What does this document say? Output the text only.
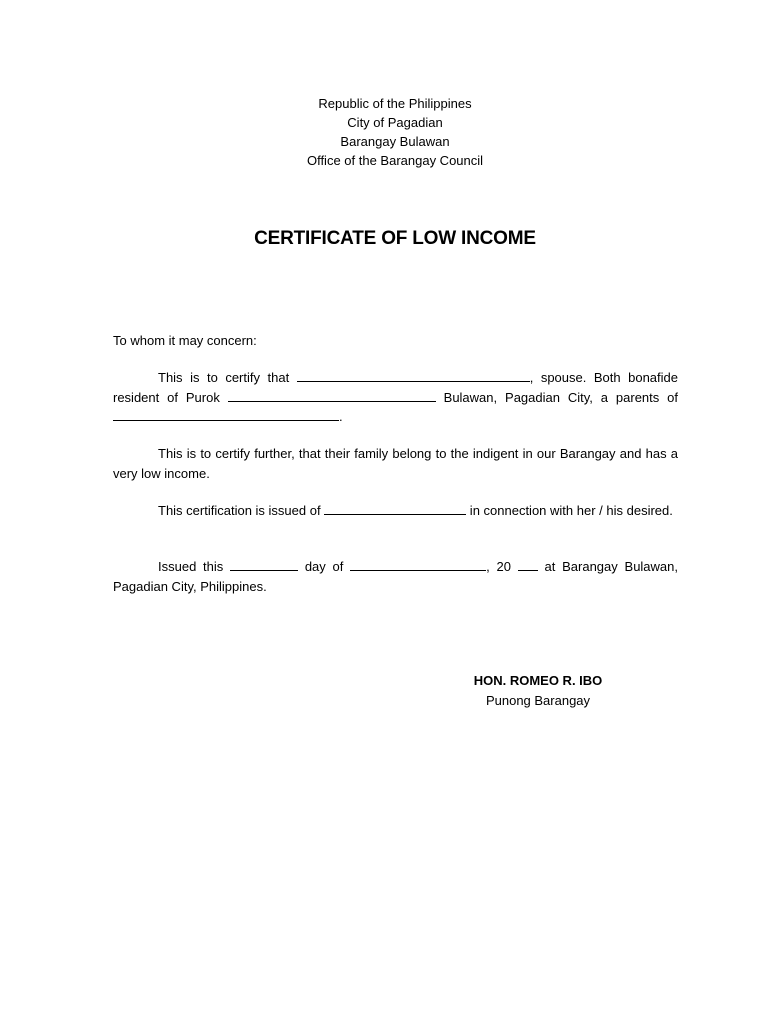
Republic of the Philippines
City of Pagadian
Barangay Bulawan
Office of the Barangay Council
CERTIFICATE OF LOW INCOME
To whom it may concern:
This is to certify that	, spouse. Both bonafide resident of Purok	Bulawan, Pagadian City, a parents of .
This is to certify further, that their family belong to the indigent in our Barangay and has a very low income.
This certification is issued of	in connection with her / his desired.
Issued this	day of	, 20  at Barangay Bulawan, Pagadian City, Philippines.
HON. ROMEO R. IBO
Punong Barangay
